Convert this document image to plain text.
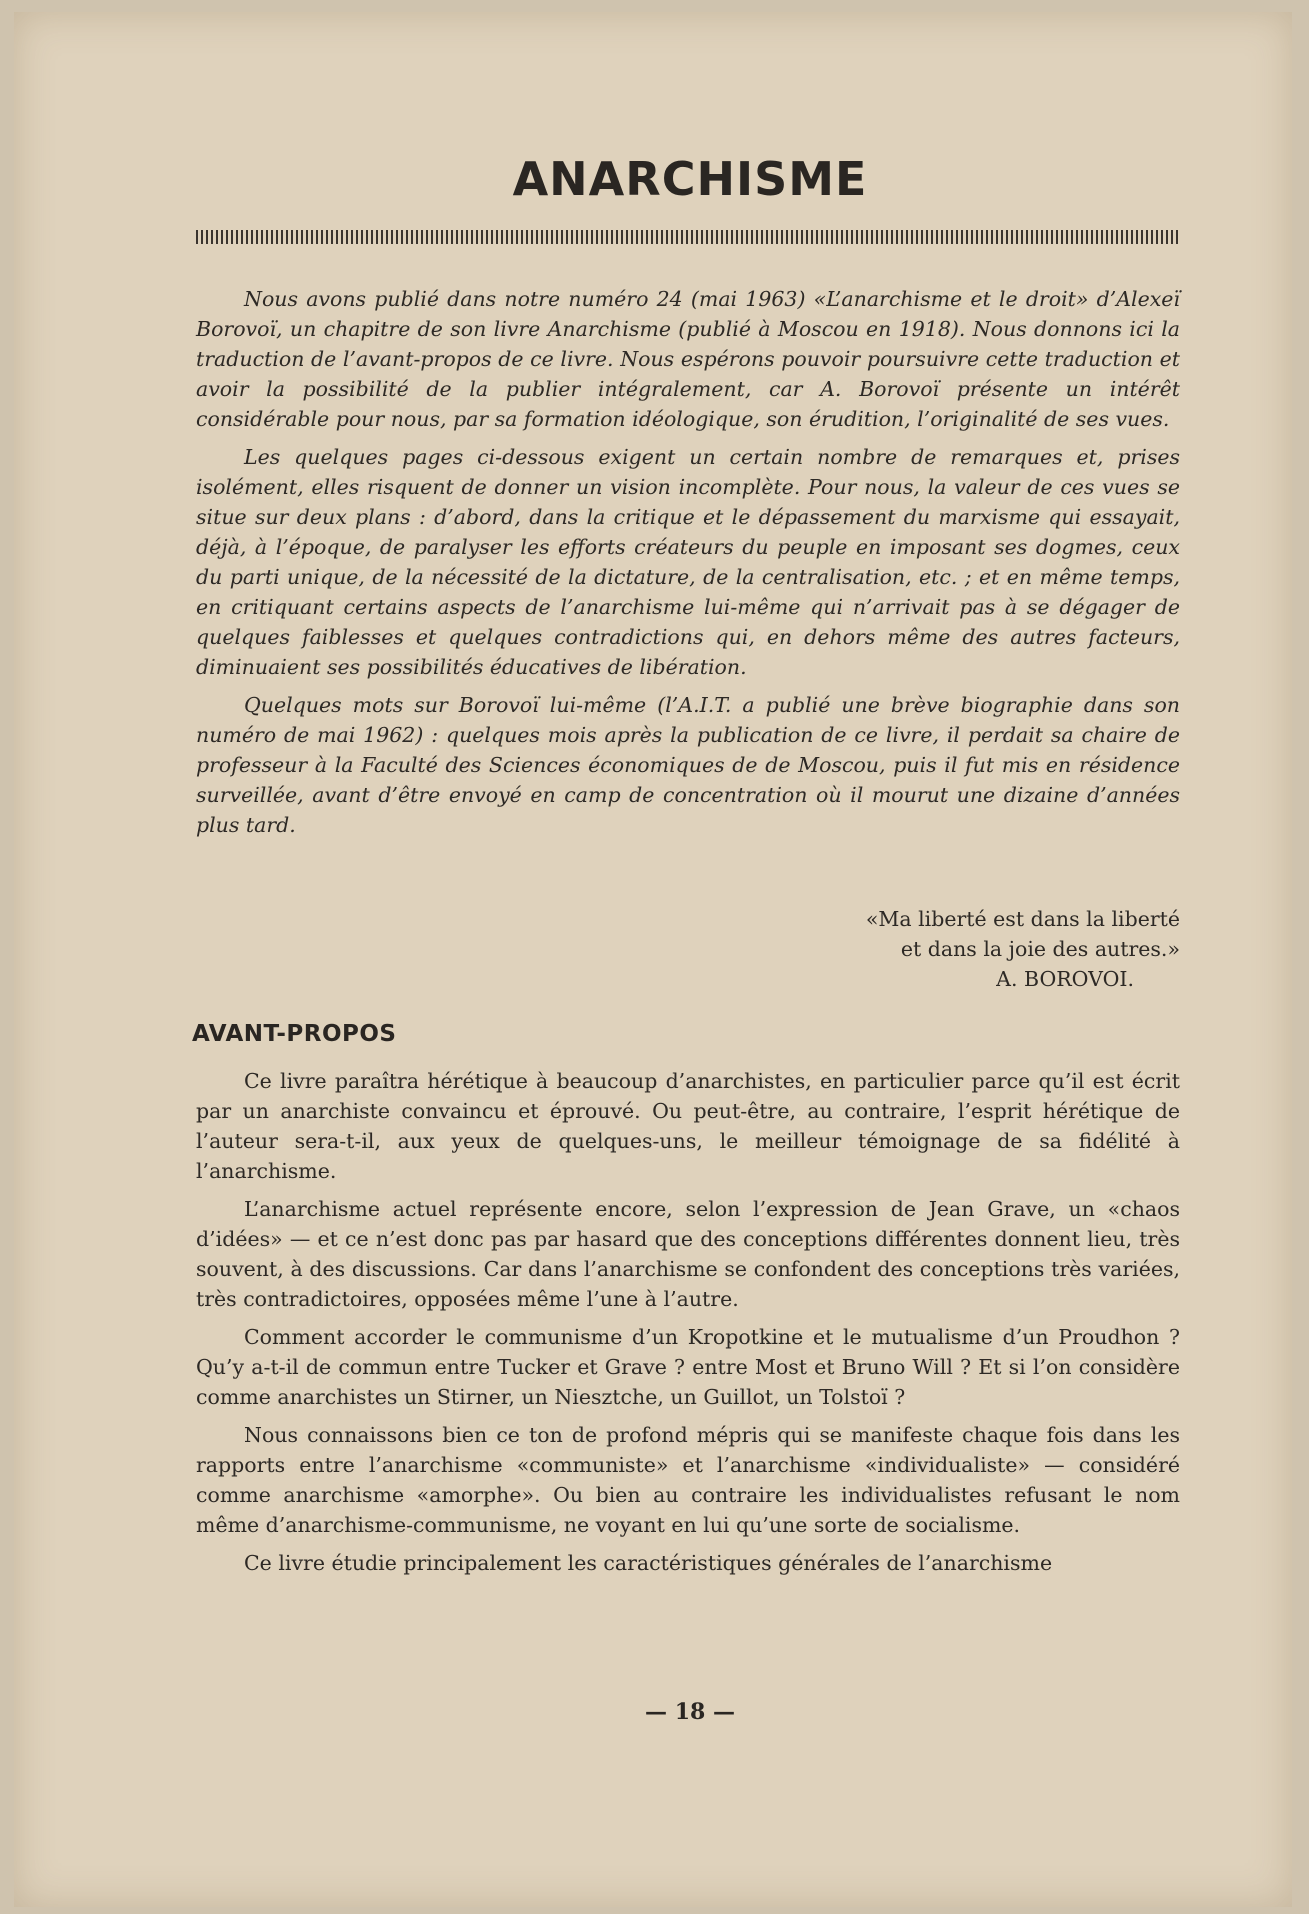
ANARCHISME

Nous avons publié dans notre numéro 24 (mai 1963) «L’anarchisme et le droit» d’Alexeï Borovoï, un chapitre de son livre Anarchisme (publié à Moscou en 1918). Nous donnons ici la traduction de l’avant-propos de ce livre. Nous espérons pouvoir poursuivre cette traduction et avoir la possibilité de la publier intégralement, car A. Borovoï présente un intérêt considérable pour nous, par sa formation idéologique, son érudition, l’originalité de ses vues.

Les quelques pages ci-dessous exigent un certain nombre de remarques et, prises isolément, elles risquent de donner un vision incomplète. Pour nous, la valeur de ces vues se situe sur deux plans : d’abord, dans la critique et le dépassement du marxisme qui essayait, déjà, à l’époque, de paralyser les efforts créateurs du peuple en imposant ses dogmes, ceux du parti unique, de la nécessité de la dictature, de la centralisation, etc. ; et en même temps, en critiquant certains aspects de l’anarchisme lui-même qui n’arrivait pas à se dégager de quelques faiblesses et quelques contradictions qui, en dehors même des autres facteurs, diminuaient ses possibilités éducatives de libération.

Quelques mots sur Borovoï lui-même (l’A.I.T. a publié une brève biographie dans son numéro de mai 1962) : quelques mois après la publication de ce livre, il perdait sa chaire de professeur à la Faculté des Sciences économiques de de Moscou, puis il fut mis en résidence surveillée, avant d’être envoyé en camp de concentration où il mourut une dizaine d’années plus tard.

«Ma liberté est dans la liberté
et dans la joie des autres.»
A. BOROVOI.
AVANT-PROPOS

Ce livre paraîtra hérétique à beaucoup d’anarchistes, en particulier parce qu’il est écrit par un anarchiste convaincu et éprouvé. Ou peut-être, au contraire, l’esprit hérétique de l’auteur sera-t-il, aux yeux de quelques-uns, le meilleur témoignage de sa fidélité à l’anarchisme.

L’anarchisme actuel représente encore, selon l’expression de Jean Grave, un «chaos d’idées» — et ce n’est donc pas par hasard que des conceptions différentes donnent lieu, très souvent, à des discussions. Car dans l’anarchisme se confondent des conceptions très variées, très contradictoires, opposées même l’une à l’autre.

Comment accorder le communisme d’un Kropotkine et le mutualisme d’un Proudhon ? Qu’y a-t-il de commun entre Tucker et Grave ? entre Most et Bruno Will ? Et si l’on considère comme anarchistes un Stirner, un Niesztche, un Guillot, un Tolstoï ?

Nous connaissons bien ce ton de profond mépris qui se manifeste chaque fois dans les rapports entre l’anarchisme «communiste» et l’anarchisme «individualiste» — considéré comme anarchisme «amorphe». Ou bien au contraire les individualistes refusant le nom même d’anarchisme-communisme, ne voyant en lui qu’une sorte de socialisme.

Ce livre étudie principalement les caractéristiques générales de l’anarchisme

— 18 —
